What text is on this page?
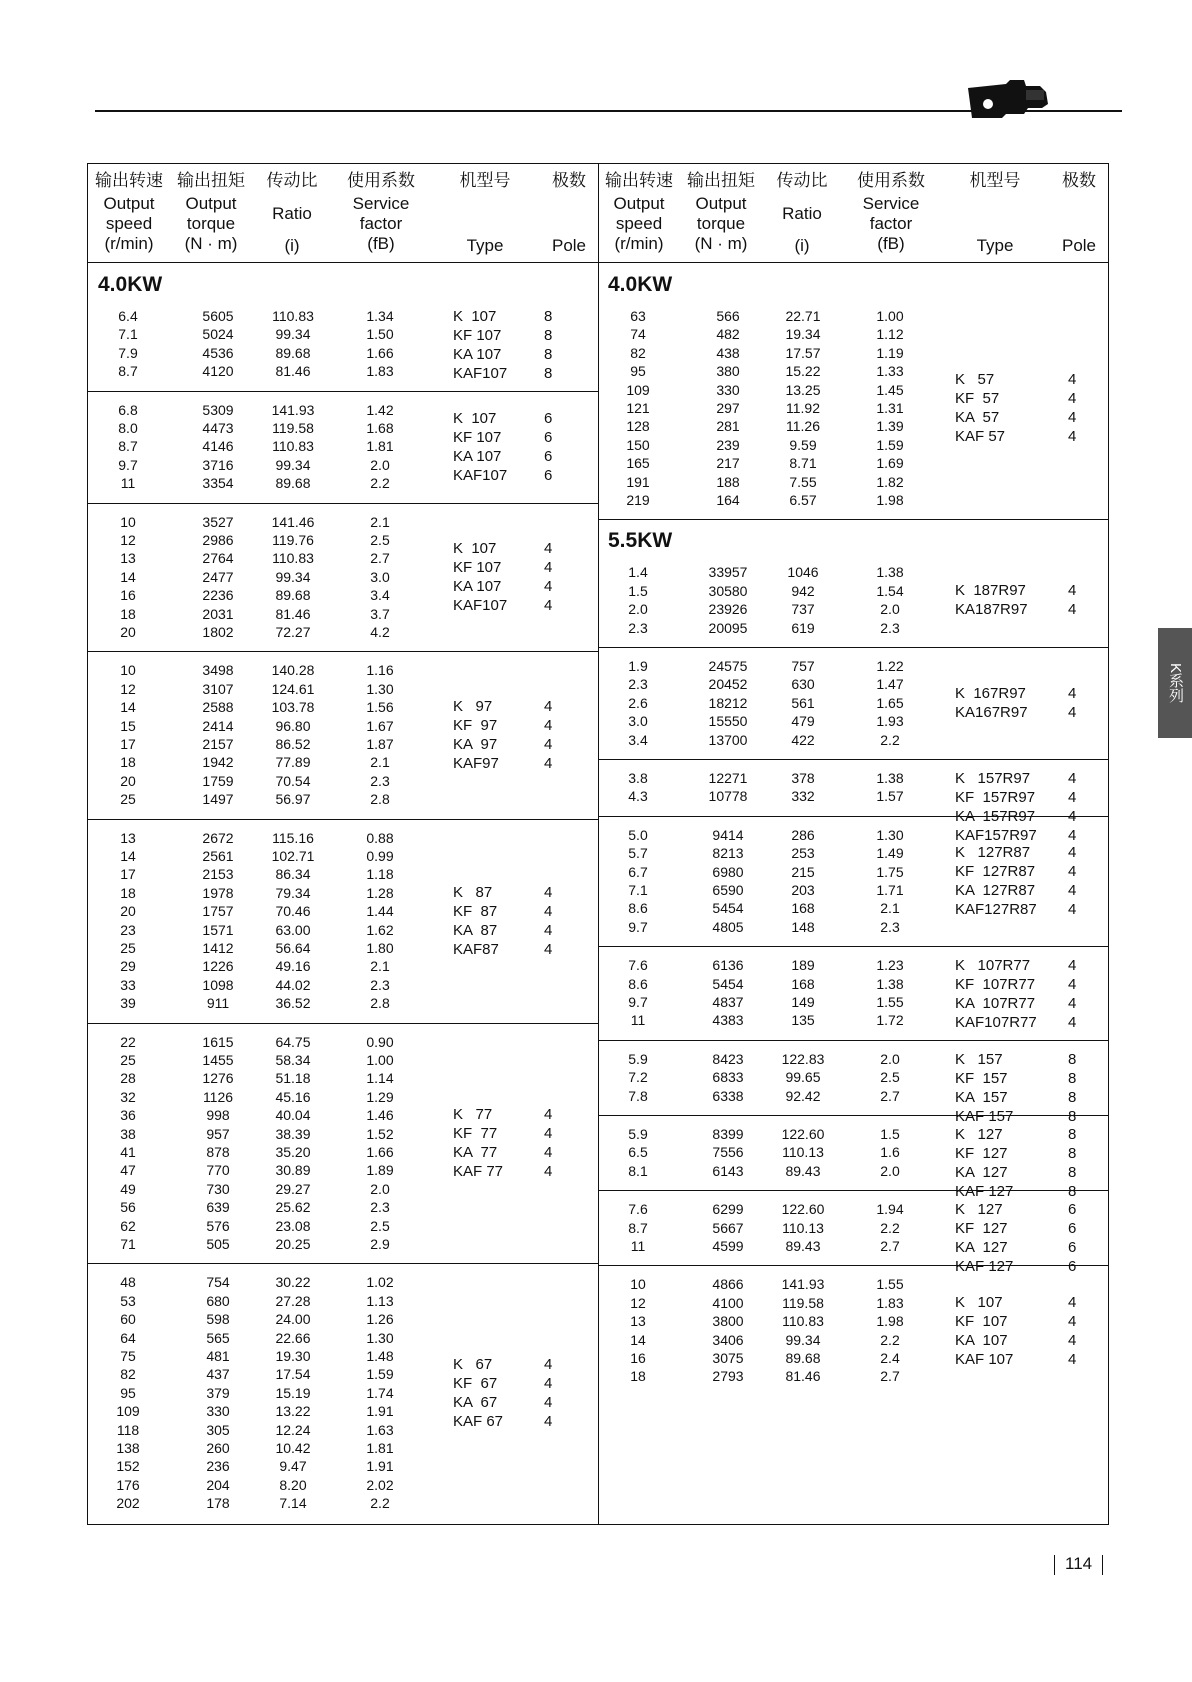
输出转速
Output
speed
(r/min)
输出扭矩
Output
torque
(N · m)
传动比
Ratio
(i)
使用系数
Service
factor
(fB)
机型号
Type
极数
Pole
4.0KW
6.4	5605	110.83	1.34
7.1	5024	99.34	1.50
7.9	4536	89.68	1.66
8.7	4120	81.46	1.83
K  107	8
KF 107	8
KA 107	8
KAF107 8
6.8	5309	141.93	1.42
8.0	4473	119.58	1.68
8.7	4146	110.83	1.81
9.7	3716	99.34	2.0
11	3354	89.68	2.2
K  107	6
KF 107	6
KA 107	6
KAF107 6
10	3527	141.46	2.1
12	2986	119.76	2.5
13	2764	110.83	2.7
14	2477	99.34	3.0
16	2236	89.68	3.4
18	2031	81.46	3.7
20	1802	72.27	4.2
K  107	4
KF 107	4
KA 107	4
KAF107 4
10	3498	140.28	1.16
12	3107	124.61	1.30
14	2588	103.78	1.56
15	2414	96.80	1.67
17	2157	86.52	1.87
18	1942	77.89	2.1
20	1759	70.54	2.3
25	1497	56.97	2.8
K   97	4
KF  97	4
KA  97	4
KAF97	4
13	2672	115.16	0.88
14	2561	102.71	0.99
17	2153	86.34	1.18
18	1978	79.34	1.28
20	1757	70.46	1.44
23	1571	63.00	1.62
25	1412	56.64	1.80
29	1226	49.16	2.1
33	1098	44.02	2.3
39	911	36.52	2.8
K   87	4
KF  87	4
KA  87	4
KAF87	4
22	1615	64.75	0.90
25	1455	58.34	1.00
28	1276	51.18	1.14
32	1126	45.16	1.29
36	998	40.04	1.46
38	957	38.39	1.52
41	878	35.20	1.66
47	770	30.89	1.89
49	730	29.27	2.0
56	639	25.62	2.3
62	576	23.08	2.5
71	505	20.25	2.9
K   77	4
KF  77	4
KA  77	4
KAF 77	4
48	754	30.22	1.02
53	680	27.28	1.13
60	598	24.00	1.26
64	565	22.66	1.30
75	481	19.30	1.48
82	437	17.54	1.59
95	379	15.19	1.74
109	330	13.22	1.91
118	305	12.24	1.63
138	260	10.42	1.81
152	236	9.47	1.91
176	204	8.20	2.02
202	178	7.14	2.2
K   67	4
KF  67	4
KA  67	4
KAF 67	4
输出转速
Output
speed
(r/min)
输出扭矩
Output
torque
(N · m)
传动比
Ratio
(i)
使用系数
Service
factor
(fB)
机型号
Type
极数
Pole
4.0KW
63	566	22.71	1.00
74	482	19.34	1.12
82	438	17.57	1.19
95	380	15.22	1.33
109	330	13.25	1.45
121	297	11.92	1.31
128	281	11.26	1.39
150	239	9.59	1.59
165	217	8.71	1.69
191	188	7.55	1.82
219	164	6.57	1.98
K   57	4
KF  57	4
KA  57	4
KAF 57	4
5.5KW
1.4	33957	1046	1.38
1.5	30580	942	1.54
2.0	23926	737	2.0
2.3	20095	619	2.3
K  187R97	4
KA187R97	4
1.9	24575	757	1.22
2.3	20452	630	1.47
2.6	18212	561	1.65
3.0	15550	479	1.93
3.4	13700	422	2.2
K  167R97	4
KA167R97	4
3.8	12271	378	1.38
4.3	10778	332	1.57
K   157R97	4
KF  157R97 4
KA  157R97 4
KAF157R97 4
5.0	9414	286	1.30
5.7	8213	253	1.49
6.7	6980	215	1.75
7.1	6590	203	1.71
8.6	5454	168	2.1
9.7	4805	148	2.3
K   127R87	4
KF  127R87 4
KA  127R87 4
KAF127R87 4
7.6	6136	189	1.23
8.6	5454	168	1.38
9.7	4837	149	1.55
11	4383	135	1.72
K   107R77	4
KF  107R77 4
KA  107R77 4
KAF107R77 4
5.9	8423	122.83	2.0
7.2	6833	99.65	2.5
7.8	6338	92.42	2.7
K   157	8
KF  157	8
KA  157	8
KAF 157	8
5.9	8399	122.60	1.5
6.5	7556	110.13	1.6
8.1	6143	89.43	2.0
K   127	8
KF  127	8
KA  127	8
KAF 127	8
7.6	6299	122.60	1.94
8.7	5667	110.13	2.2
11	4599	89.43	2.7
K   127	6
KF  127	6
KA  127	6
KAF 127	6
10	4866	141.93	1.55
12	4100	119.58	1.83
13	3800	110.83	1.98
14	3406	99.34	2.2
16	3075	89.68	2.4
18	2793	81.46	2.7
K   107	4
KF  107	4
KA  107	4
KAF 107	4
K系列
114
